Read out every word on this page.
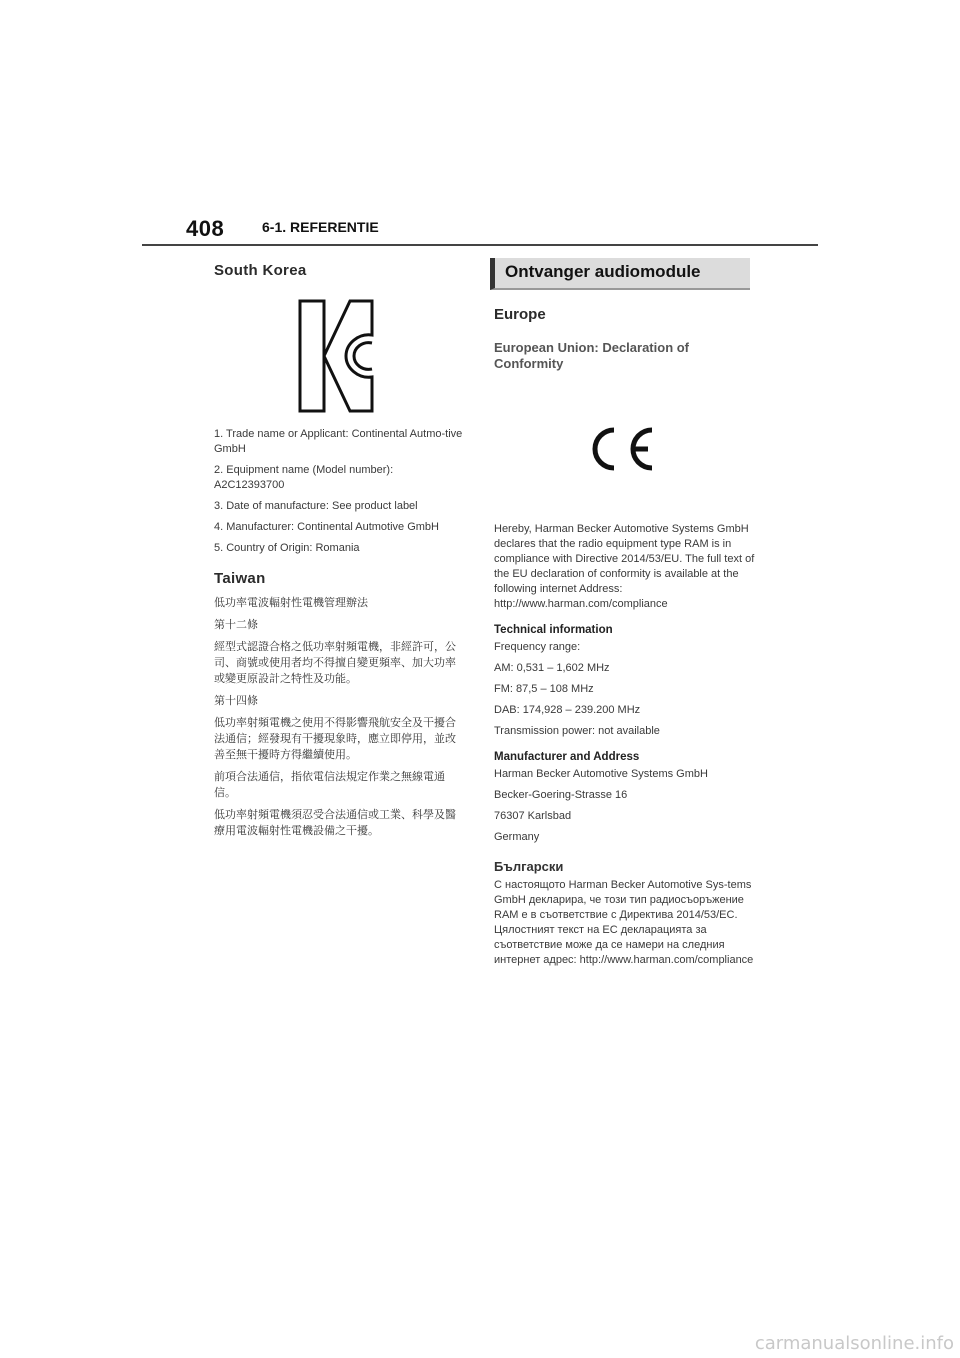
408	6-1. REFERENTIE
South Korea

1. Trade name or Applicant: Continental Autmo-tive GmbH

2. Equipment name (Model number): A2C12393700

3. Date of manufacture: See product label

4. Manufacturer: Continental Autmotive GmbH

5. Country of Origin: Romania

Taiwan

低功率電波輻射性電機管理辦法

第十二條

經型式認證合格之低功率射頻電機，非經許可，公司、商號或使用者均不得擅自變更頻率、加大功率或變更原設計之特性及功能。

第十四條

低功率射頻電機之使用不得影響飛航安全及干擾合法通信；經發現有干擾現象時，應立即停用，並改善至無干擾時方得繼續使用。

前項合法通信，指依電信法規定作業之無線電通信。

低功率射頻電機須忍受合法通信或工業、科學及醫療用電波輻射性電機設備之干擾。

Ontvanger audiomodule
Europe
European Union: Declaration of Conformity

Hereby, Harman Becker Automotive Systems GmbH declares that the radio equipment type RAM is in compliance with Directive 2014/53/EU. The full text of the EU declaration of conformity is available at the following internet Address: http://www.harman.com/compliance

Technical information

Frequency range:

AM: 0,531 – 1,602 MHz

FM: 87,5 – 108 MHz

DAB: 174,928 – 239.200 MHz

Transmission power: not available

Manufacturer and Address

Harman Becker Automotive Systems GmbH

Becker-Goering-Strasse 16

76307 Karlsbad

Germany

Български

С настоящото Harman Becker Automotive Sys-tems GmbH декларира, че този тип радиосъоръжение RAM е в съответствие с Директива 2014/53/ЕС. Цялостният текст на ЕС декларацията за съответствие може да се намери на следния интернет адрес: http://www.harman.com/compliance

carmanualsonline.info
